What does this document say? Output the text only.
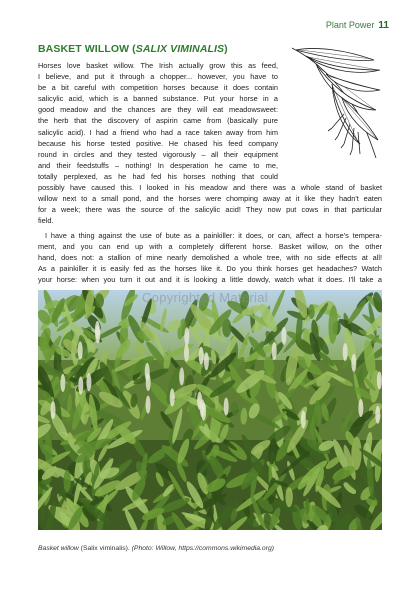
Plant Power 11
BASKET WILLOW (SALIX VIMINALIS)
Horses love basket willow. The Irish actually grow this as feed,
I believe, and put it through a chopper... however, you have to
be a bit careful with competition horses because it does contain
salicylic acid, which is a banned substance. Put your horse in a
good meadow and the chances are they will eat meadowsweet:
the herb that the discovery of aspirin came from (basically pure
salicylic acid). I had a friend who had a race taken away from him
because his horse tested positive. He chased his feed company
round in circles and they tested vigorously – all their equipment
and their feedstuffs – nothing! In desperation he came to me,
totally perplexed, as he had fed his horses nothing that could
possibly have caused this. I looked in his meadow and there was a whole stand of basket
willow next to a small pond, and the horses were chomping away at it like they hadn't eaten
for a week; there was the source of the salicylic acid! They now put cows in that particular
field.
I have a thing against the use of bute as a painkiller: it does, or can, affect a horse's tempera-
ment, and you can end up with a completely different horse. Basket willow, on the other
hand, does not: a stallion of mine nearly demolished a whole tree, with no side effects at all!
As a painkiller it is easily fed as the horses like it. Do you think horses get headaches? Watch
your horse: when you turn it out and it is looking a little dowdy, watch what it does. I'll take a
Copyrighted Material
Basket willow (Salix viminalis). (Photo: Willow, https://commons.wikimedia.org)
